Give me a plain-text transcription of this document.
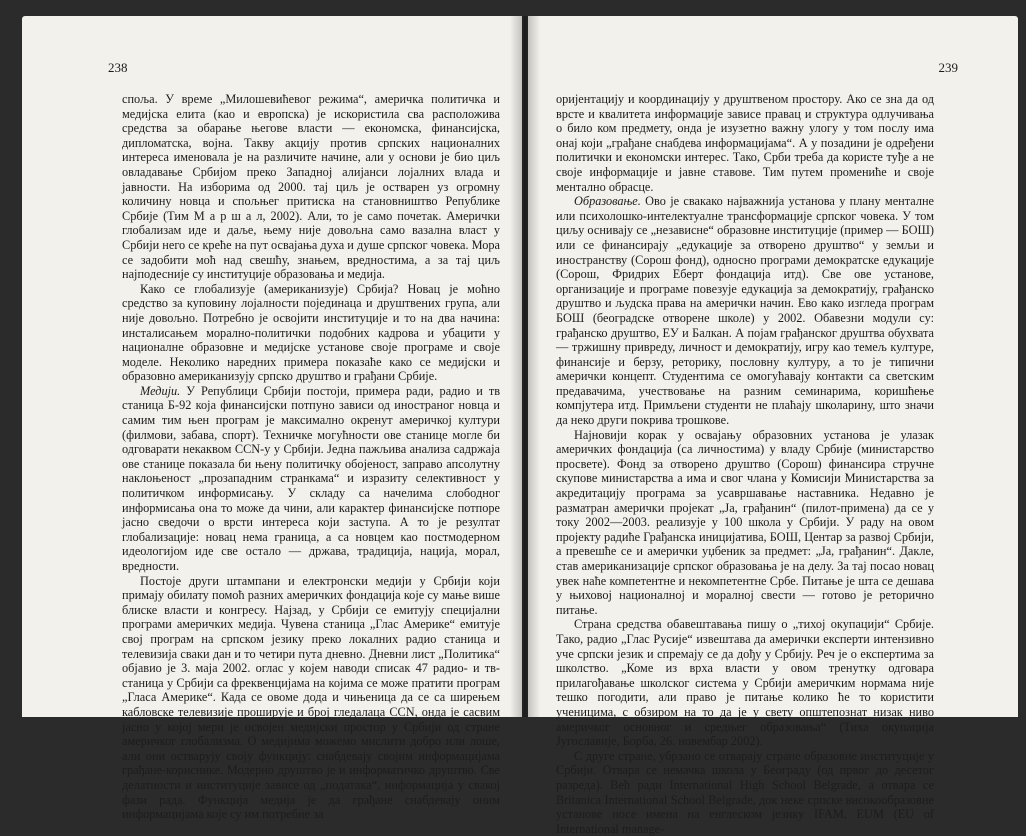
238

споља. У време „Милошевићевог режима“, америчка политичка и медијска елита (као и европска) је искористила сва расположива средства за обарање његове власти — економска, финансијска, дипломатска, војна. Такву акцију против српских националних интереса именовала је на различите начине, али у основи је био циљ овладавање Србијом преко Западној алијанси лојалних влада и јавности. На изборима од 2000. тај циљ је остварен уз огромну количину новца и спољњег притиска на становништво Републике Србије (Тим М а р ш а л, 2002). Али, то је само почетак. Амерички глобализам иде и даље, њему није довољна само вазална власт у Србији него се креће на пут освајања духа и душе српског човека. Мора се задобити моћ над свешћу, знањем, вредностима, а за тај циљ најподесније су институције образовања и медија.

Како се глобализује (американизује) Србија? Новац је моћно средство за куповину лојалности појединаца и друштвених група, али није довољно. Потребно је освојити институције и то на два начина: инсталисањем морално-политички подобних кадрова и убацити у националне образовне и медијске установе своје програме и своје моделе. Неколико наредних примера показаће како се медијски и образовно американизују српско друштво и грађани Србије.

Медији. У Републици Србији постоји, примера ради, радио и тв станица Б-92 која финансијски потпуно зависи од иностраног новца и самим тим њен програм је максимално окренут америчкој култури (филмови, забава, спорт). Техничке могућности ове станице могле би одговарати некаквом CCN-у у Србији. Једна пажљива анализа садржаја ове станице показала би њену политичку обојеност, заправо апсолутну наклоњеност „прозападним странкама“ и изразиту селективност у политичком информисању. У складу са начелима слободног информисања она то може да чини, али карактер финансијске потпоре јасно сведочи о врсти интереса који заступа. А то је резултат глобализације: новац нема граница, а са новцем као постмодерном идеологијом иде све остало — држава, традиција, нација, морал, вредности.

Постоје други штампани и електронски медији у Србији који примају обилату помоћ разних америчких фондација које су мање више блиске власти и конгресу. Најзад, у Србији се емитују специјални програми америчких медија. Чувена станица „Глас Америке“ емитује свој програм на српском језику преко локалних радио станица и телевизија сваки дан и то четири пута дневно. Дневни лист „Политика“ објавио је 3. маја 2002. оглас у којем наводи списак 47 радио- и тв-станица у Србији са фреквенцијама на којима се може пратити програм „Гласа Америке“. Када се овоме дода и чињеница да се са ширењем кабловске телевизије проширује и број гледалаца CCN, онда је сасвим јасно у којој мери је освојен медијски простор у Србији од стране америчког глобализма. О медијима можемо мислити добро или лоше, али они остварују своју функцију: снабдевају својим информацијама грађане-кориснике. Модерно друштво је и информатичко друштво. Све делатности и институције зависе од „података“, информација у свакој фази рада. Функција медија је да грађане снабдевају оним информацијама које су им потребне за

239

оријентацију и координацију у друштвеном простору. Ако се зна да од врсте и квалитета информације зависе правац и структура одлучивања о било ком предмету, онда је изузетно важну улогу у том послу има онај који „грађане снабдева информацијама“. А у позадини је одређени политички и економски интерес. Тако, Срби треба да користе туђе а не своје информације и јавне ставове. Тим путем промениће и своје ментално обрасце.

Образовање. Ово је свакако најважнија установа у плану менталне или психолошко-интелектуалне трансформације српског човека. У том циљу оснивају се „независне“ образовне институције (пример — БОШ) или се финансирају „едукације за отворено друштво“ у земљи и иностранству (Сорош фонд), односно програми демократске едукације (Сорош, Фридрих Еберт фондација итд). Све ове установе, организације и програме повезује едукација за демократију, грађанско друштво и људска права на амерички начин. Ево како изгледа програм БОШ (београдске отворене школе) у 2002. Обавезни модули су: грађанско друштво, ЕУ и Балкан. А појам грађанског друштва обухвата — тржишну привреду, личност и демократију, игру као темељ културе, финансије и берзу, реторику, пословну културу, а то је типични амерички концепт. Студентима се омогућавају контакти са светским предавачима, учествовање на разним семинарима, коришћење компјутера итд. Примљени студенти не плаћају школарину, што значи да неко други покрива трошкове.

Најновији корак у освајању образовних установа је улазак америчких фондација (са личностима) у владу Србије (министарство просвете). Фонд за отворено друштво (Сорош) финансира стручне скупове министарства а има и свог члана у Комисији Министарства за акредитацију програма за усавршавање наставника. Недавно је разматран амерички пројекат „Ја, грађанин“ (пилот-примена) да се у току 2002—2003. реализује у 100 школа у Србији. У раду на овом пројекту радиће Грађанска иницијатива, БОШ, Центар за развој Србији, а превешће се и амерички уџбеник за предмет: „Ја, грађанин“. Дакле, став американизације српског образовања је на делу. За тај посао новац увек наће компетентне и некомпетентне Србе. Питање је шта се дешава у њиховој националној и моралној свести — готово је реторично питање.

Страна средства обавештавања пишу о „тихој окупацији“ Србије. Тако, радио „Глас Русије“ извештава да амерички експерти интензивно уче српски језик и спремају се да дођу у Србију. Реч је о експертима за школство. „Коме из врха власти у овом тренутку одговара прилагођавање школског система у Србији америчким нормама није тешко погодити, али право је питање колико ће то користити ученицима, с обзиром на то да је у свету општепознат низак ниво америчког основног и средњег образовања“ (Тиха окупација Југославије, Борба, 26. новембар 2002).

С друге стране, убрзано се отварају стране образовне институције у Србији. Отвара се немачка школа у Београду (од првог до десетог разреда). Већ ради International High School Belgrade, а отвара се Britanica International School Belgrade, док неке српске високообразовне установе носе имена на енглеском језику IFAM, EUM (EU of International manage-
